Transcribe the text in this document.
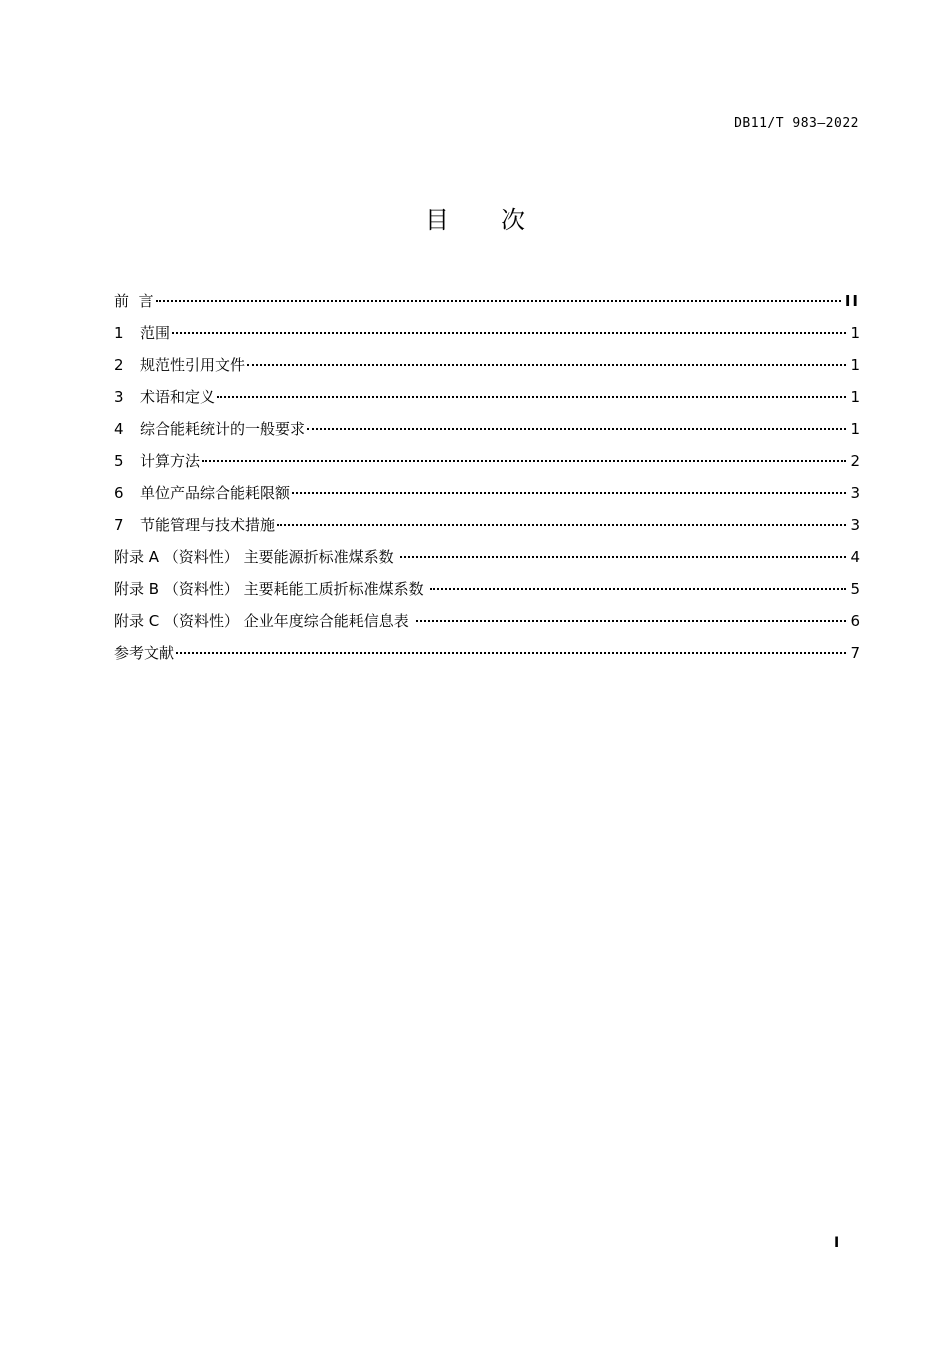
DB11/T 983—2022
目 次
前  言	II
1	范围	1
2	规范性引用文件	1
3	术语和定义	1
4	综合能耗统计的一般要求	1
5	计算方法	2
6	单位产品综合能耗限额	3
7	节能管理与技术措施	3
附录 A （资料性） 主要能源折标准煤系数	4
附录 B （资料性） 主要耗能工质折标准煤系数	5
附录 C （资料性） 企业年度综合能耗信息表	6
参考文献	7
I
